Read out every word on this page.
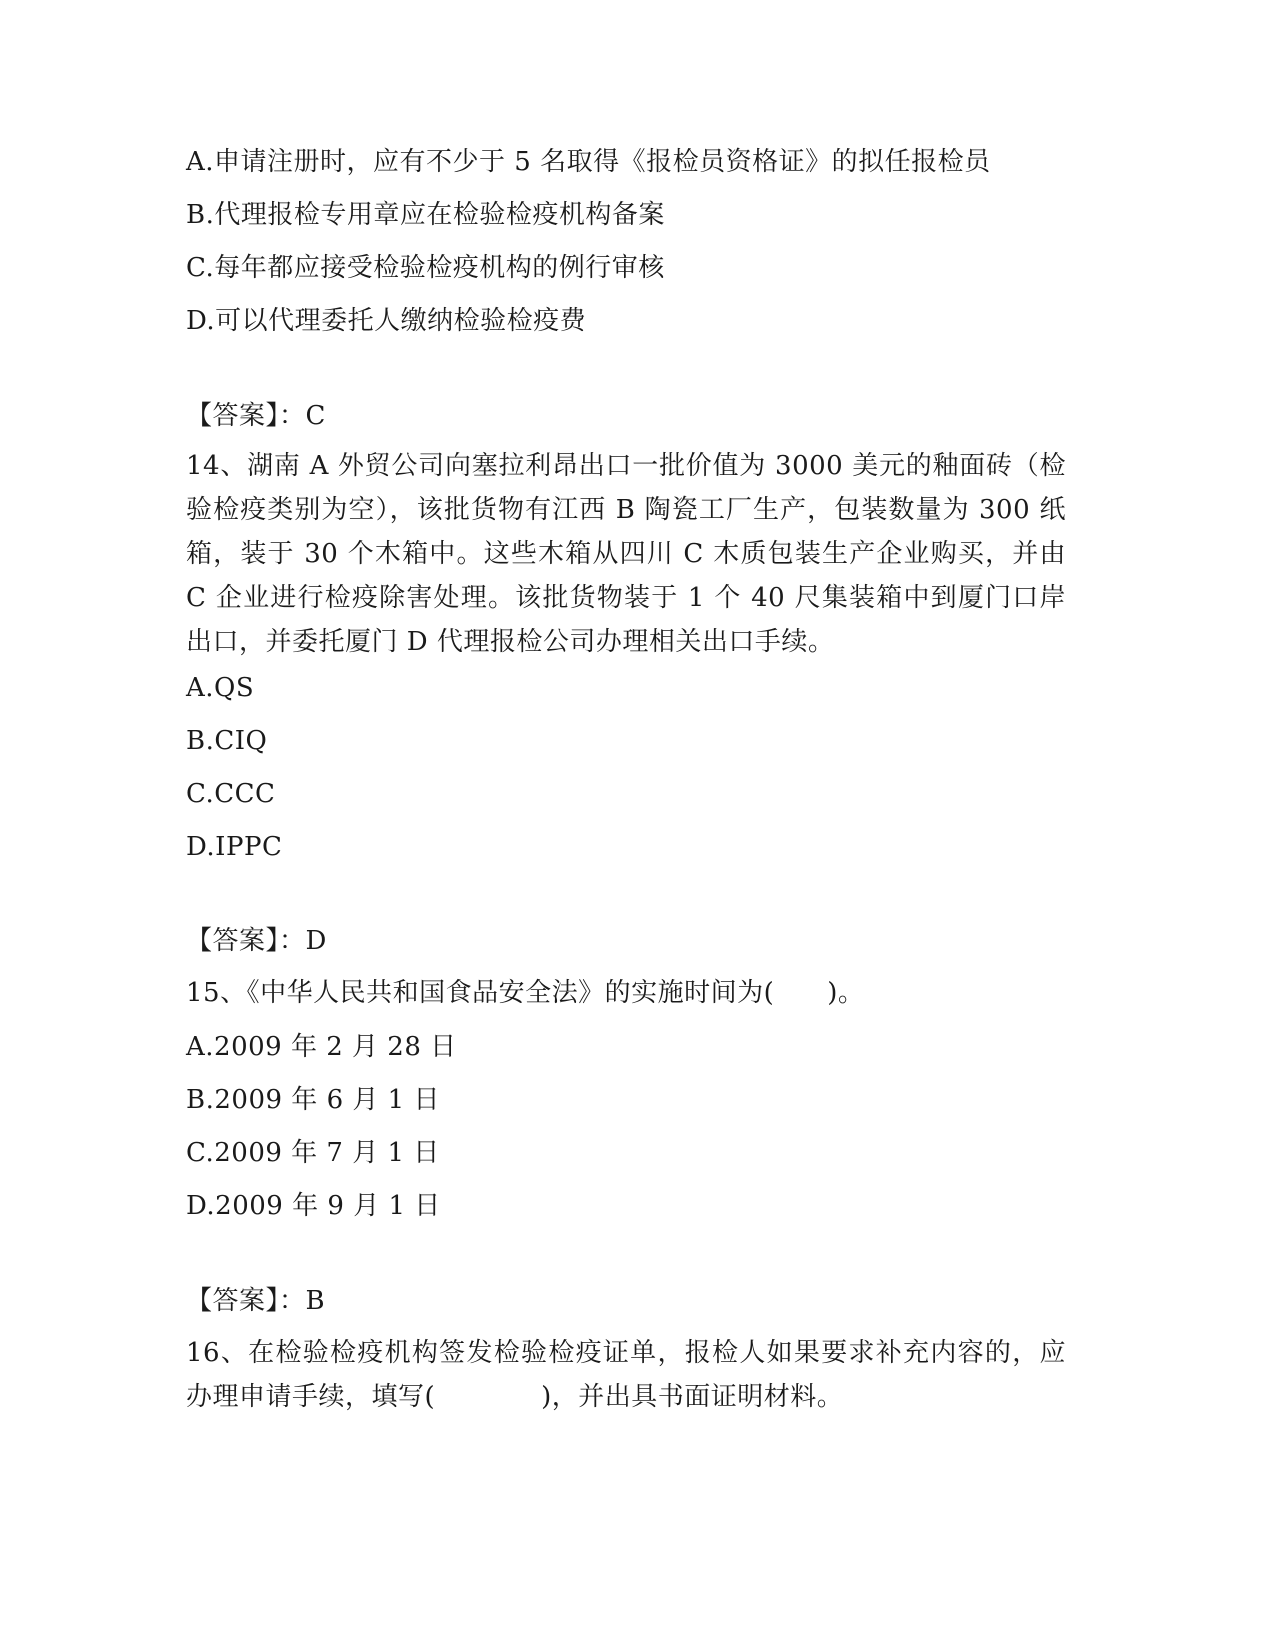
A.申请注册时，应有不少于 5 名取得《报检员资格证》的拟任报检员
B.代理报检专用章应在检验检疫机构备案
C.每年都应接受检验检疫机构的例行审核
D.可以代理委托人缴纳检验检疫费
【答案】：C
14、湖南 A 外贸公司向塞拉利昂出口一批价值为 3000 美元的釉面砖（检验检疫类别为空），该批货物有江西 B 陶瓷工厂生产，包装数量为 300 纸箱，装于 30 个木箱中。这些木箱从四川 C 木质包装生产企业购买，并由 C 企业进行检疫除害处理。该批货物装于 1 个 40 尺集装箱中到厦门口岸出口，并委托厦门 D 代理报检公司办理相关出口手续。
A.QS
B.CIQ
C.CCC
D.IPPC
【答案】：D
15、《中华人民共和国食品安全法》的实施时间为(　　)。
A.2009 年 2 月 28 日
B.2009 年 6 月 1 日
C.2009 年 7 月 1 日
D.2009 年 9 月 1 日
【答案】：B
16、在检验检疫机构签发检验检疫证单，报检人如果要求补充内容的，应办理申请手续，填写(　　　　)，并出具书面证明材料。
